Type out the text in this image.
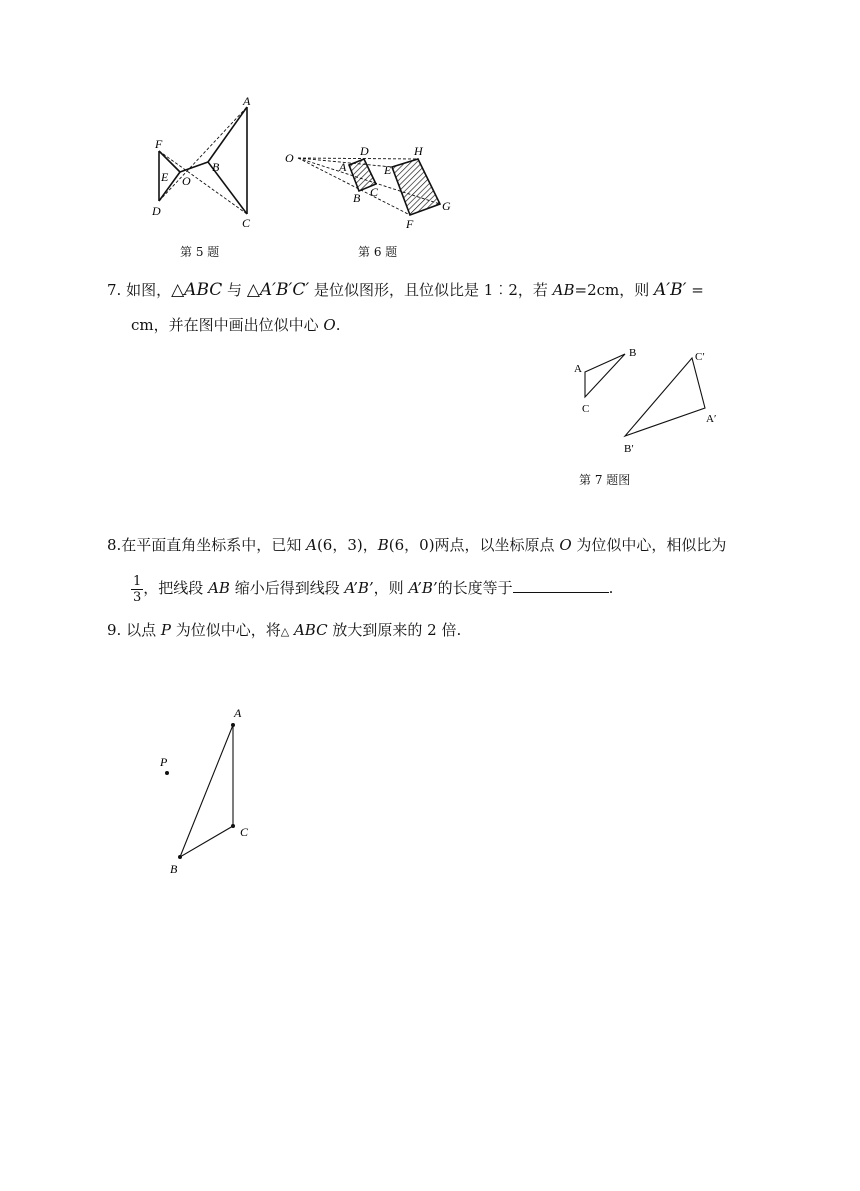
A
B
C
D
E
F
O
第 5 题
O
A
B C
D
E
F
G
H
第 6 题
7. 如图，△ABC 与 △A′B′C′ 是位似图形，且位似比是 1︰2，若 AB=2cm，则 A′B′ =
cm，并在图中画出位似中心 O.
A
B
C
C′
A′
B′
第 7 题图
8.在平面直角坐标系中，已知 A(6，3)，B(6，0)两点，以坐标原点 O 为位似中心，相似比为
$\frac{1}{3}$ ，把线段 AB 缩小后得到线段 A’B’，则 A’B’的长度等于	.
9. 以点 P 为位似中心，将△ ABC 放大到原来的 2 倍.
A
B
C
P
